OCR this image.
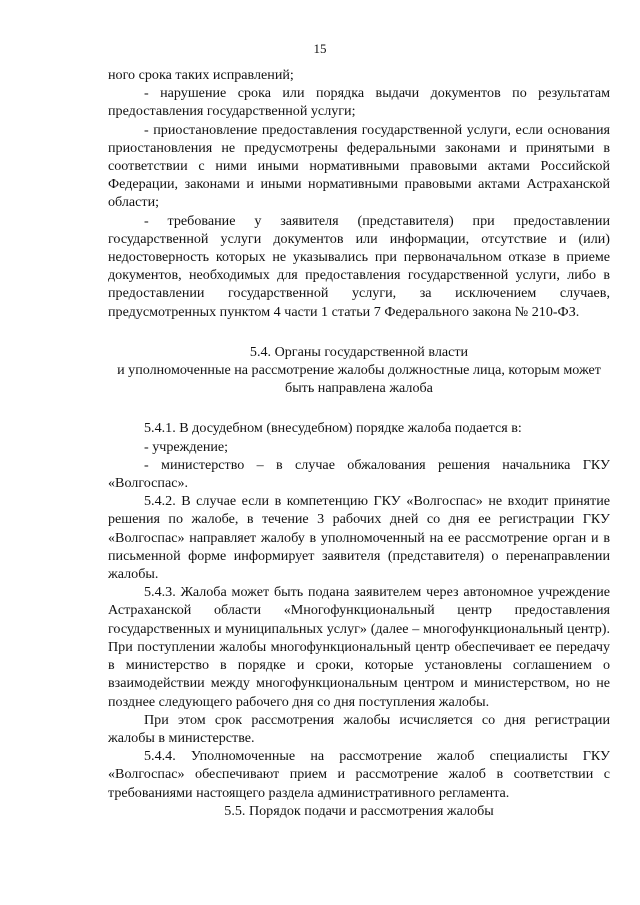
15

ного срока таких исправлений;

- нарушение срока или порядка выдачи документов по результатам предоставления государственной услуги;

- приостановление предоставления государственной услуги, если основания приостановления не предусмотрены федеральными законами и принятыми в соответствии с ними иными нормативными правовыми актами Российской Федерации, законами и иными нормативными правовыми актами Астраханской области;

- требование у заявителя (представителя) при предоставлении государственной услуги документов или информации, отсутствие и (или) недостоверность которых не указывались при первоначальном отказе в приеме документов, необходимых для предоставления государственной услуги, либо в предоставлении государственной услуги, за исключением случаев, предусмотренных пунктом 4 части 1 статьи 7 Федерального закона № 210-ФЗ.

5.4. Органы государственной власти

и уполномоченные на рассмотрение жалобы должностные лица, которым может быть направлена жалоба

5.4.1. В досудебном (внесудебном) порядке жалоба подается в:

- учреждение;

- министерство – в случае обжалования решения начальника ГКУ «Волгоспас».

5.4.2. В случае если в компетенцию ГКУ «Волгоспас» не входит принятие решения по жалобе, в течение 3 рабочих дней со дня ее регистрации ГКУ «Волгоспас» направляет жалобу в уполномоченный на ее рассмотрение орган и в письменной форме информирует заявителя (представителя) о перенаправлении жалобы.

5.4.3. Жалоба может быть подана заявителем через автономное учреждение Астраханской области «Многофункциональный центр предоставления государственных и муниципальных услуг» (далее – многофункциональный центр). При поступлении жалобы многофункциональный центр обеспечивает ее передачу в министерство в порядке и сроки, которые установлены соглашением о взаимодействии между многофункциональным центром и министерством, но не позднее следующего рабочего дня со дня поступления жалобы.

При этом срок рассмотрения жалобы исчисляется со дня регистрации жалобы в министерстве.

5.4.4. Уполномоченные на рассмотрение жалоб специалисты ГКУ «Волгоспас» обеспечивают прием и рассмотрение жалоб в соответствии с требованиями настоящего раздела административного регламента.

5.5. Порядок подачи и рассмотрения жалобы
